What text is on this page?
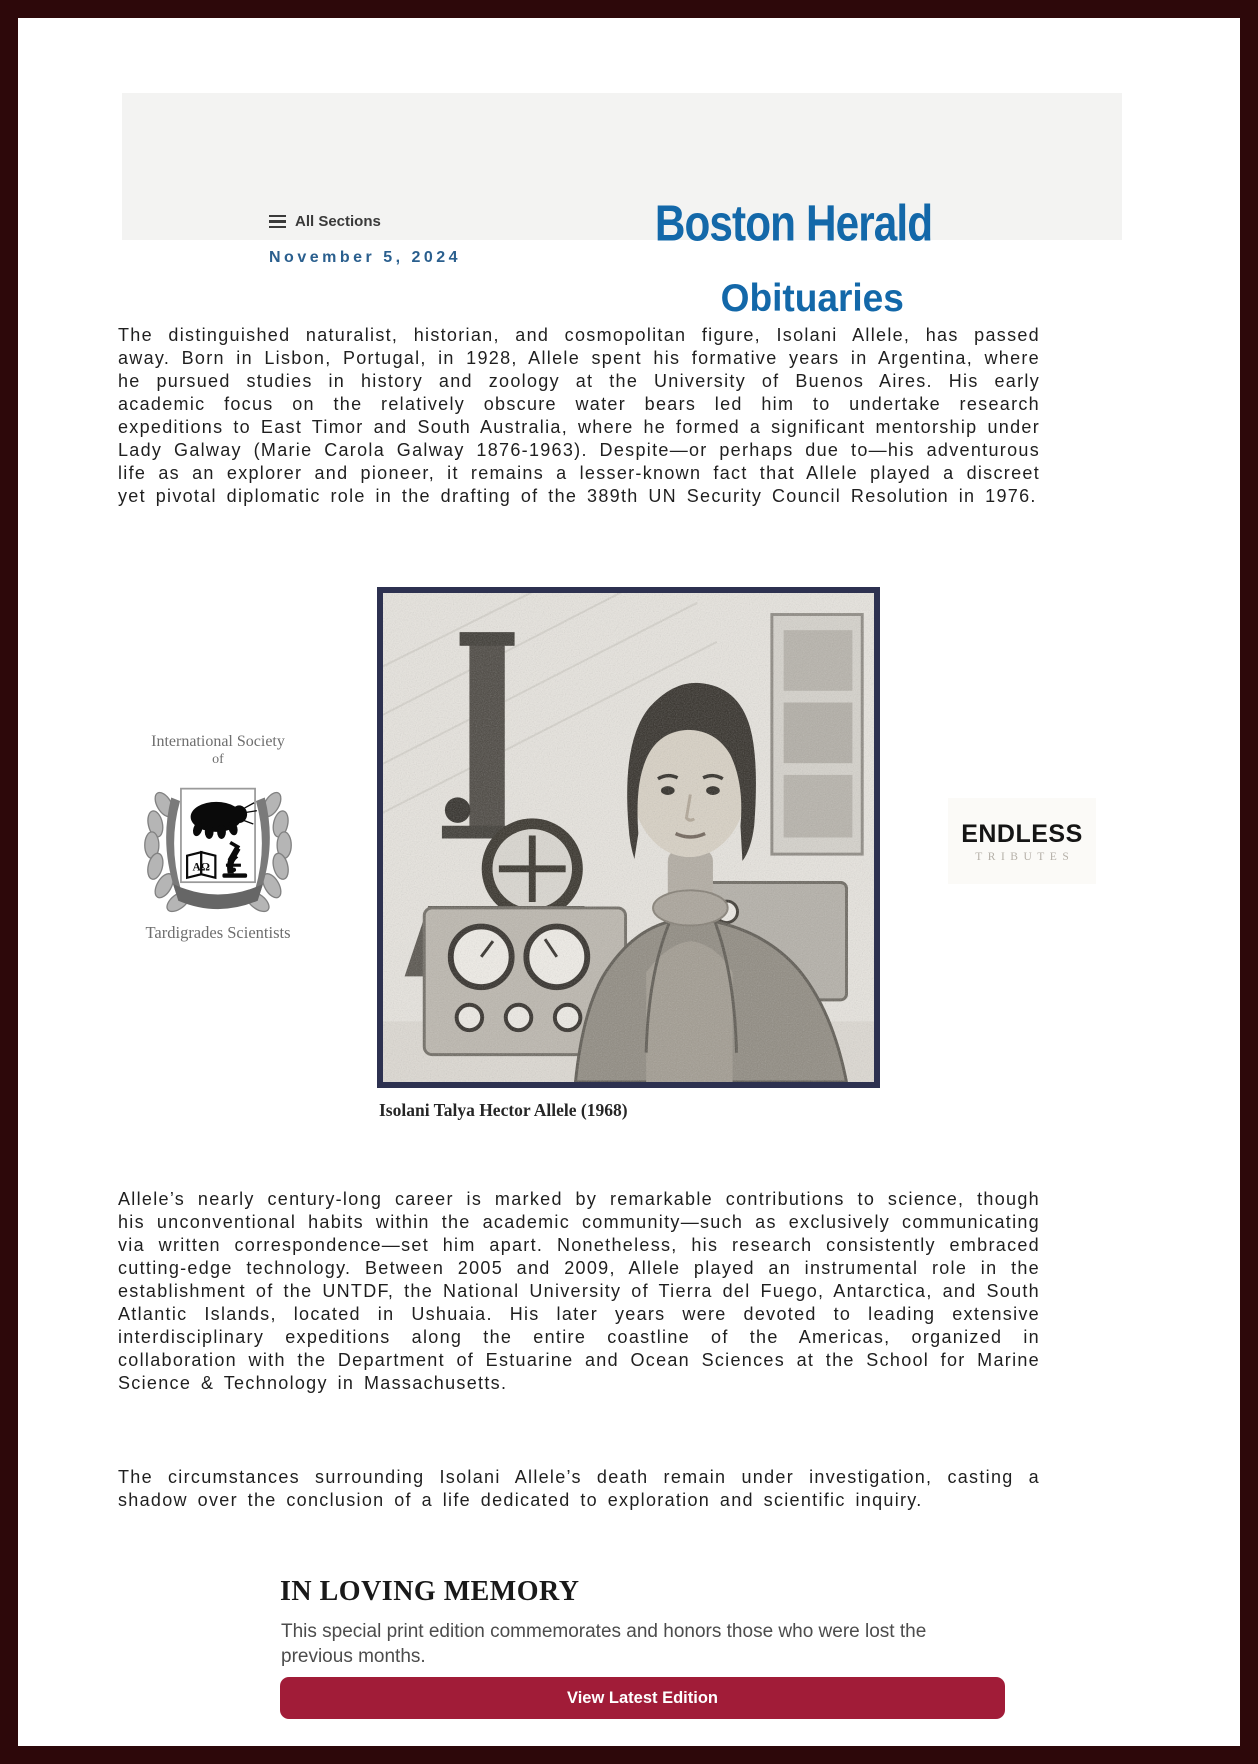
All Sections
November 5, 2024
Boston Herald
Obituaries

The distinguished naturalist, historian, and cosmopolitan figure, Isolani Allele, has passed away. Born in Lisbon, Portugal, in 1928, Allele spent his formative years in Argentina, where he pursued studies in history and zoology at the University of Buenos Aires. His early academic focus on the relatively obscure water bears led him to undertake research expeditions to East Timor and South Australia, where he formed a significant mentorship under Lady Galway (Marie Carola Galway 1876-1963). Despite—or perhaps due to—his adventurous life as an explorer and pioneer, it remains a lesser-known fact that Allele played a discreet yet pivotal diplomatic role in the drafting of the 389th UN Security Council Resolution in 1976.

Allele’s nearly century-long career is marked by remarkable contributions to science, though his unconventional habits within the academic community—such as exclusively communicating via written correspondence—set him apart. Nonetheless, his research consistently embraced cutting-edge technology. Between 2005 and 2009, Allele played an instrumental role in the establishment of the UNTDF, the National University of Tierra del Fuego, Antarctica, and South Atlantic Islands, located in Ushuaia. His later years were devoted to leading extensive interdisciplinary expeditions along the entire coastline of the Americas, organized in collaboration with the Department of Estuarine and Ocean Sciences at the School for Marine Science & Technology in Massachusetts.

The circumstances surrounding Isolani Allele’s death remain under investigation, casting a shadow over the conclusion of a life dedicated to exploration and scientific inquiry.

International Society
of
ΑΩ
Tardigrades Scientists
ENDLESS
TRIBUTES
Isolani Talya Hector Allele (1968)
IN LOVING MEMORY
This special print edition commemorates and honors those who were lost the previous months.
View Latest Edition
